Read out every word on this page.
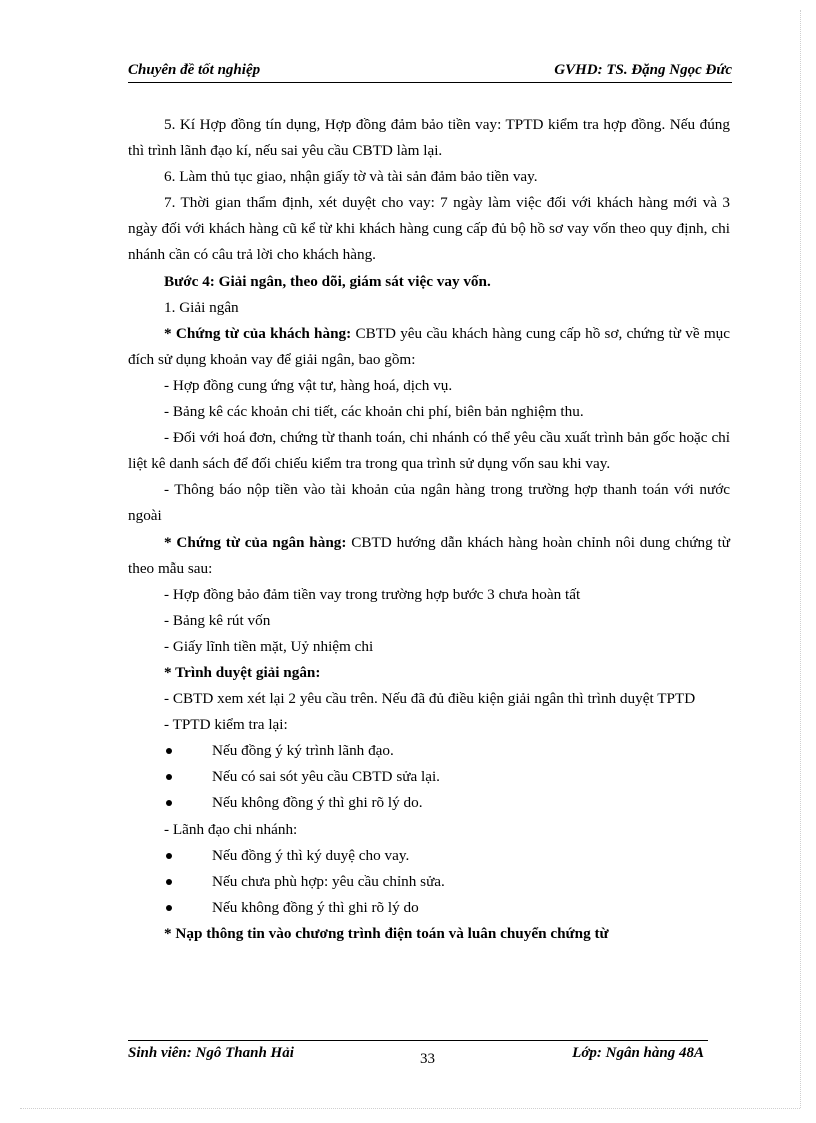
Chuyên đề tốt nghiệp	GVHD: TS. Đặng Ngọc Đức

5. Kí Hợp đồng tín dụng, Hợp đồng đảm bảo tiền vay: TPTD kiểm tra hợp đồng. Nếu đúng thì trình lãnh đạo kí, nếu sai yêu cầu CBTD làm lại.

6. Làm thủ tục giao, nhận giấy tờ và tài sản đảm bảo tiền vay.

7. Thời gian thẩm định, xét duyệt cho vay: 7 ngày làm việc đối với khách hàng mới và 3 ngày đối với khách hàng cũ kể từ khi khách hàng cung cấp đủ bộ hồ sơ vay vốn theo quy định, chi nhánh cần có câu trả lời cho khách hàng.

Bước 4: Giải ngân, theo dõi, giám sát việc vay vốn.

1. Giải ngân

* Chứng từ của khách hàng: CBTD yêu cầu khách hàng cung cấp hồ sơ, chứng từ về mục đích sử dụng khoản vay để giải ngân, bao gồm:

- Hợp đồng cung ứng vật tư, hàng hoá, dịch vụ.

- Bảng kê các khoản chi tiết, các khoản chi phí, biên bản nghiệm thu.

- Đối với hoá đơn, chứng từ thanh toán, chi nhánh có thể yêu cầu xuất trình bản gốc hoặc chỉ liệt kê danh sách để đối chiếu kiểm tra trong qua trình sử dụng vốn sau khi vay.

- Thông báo nộp tiền vào tài khoản của ngân hàng trong trường hợp thanh toán với nước ngoài

* Chứng từ của ngân hàng: CBTD hướng dẫn khách hàng hoàn chỉnh nôi dung chứng từ theo mẫu sau:

- Hợp đồng bảo đảm tiền vay trong trường hợp bước 3 chưa hoàn tất

- Bảng kê rút vốn

- Giấy lĩnh tiền mặt, Uỷ nhiệm chi

* Trình duyệt giải ngân:

- CBTD xem xét lại 2 yêu cầu trên. Nếu đã đủ điều kiện giải ngân thì trình duyệt TPTD

- TPTD kiểm tra lại:

Nếu đồng ý ký trình lãnh đạo.

Nếu có sai sót yêu cầu CBTD sửa lại.

Nếu không đồng ý thì ghi rõ lý do.

- Lãnh đạo chi nhánh:

Nếu đồng ý thì ký duyệ cho vay.

Nếu chưa phù hợp: yêu cầu chỉnh sửa.

Nếu không đồng ý thì ghi rõ lý do

* Nạp thông tin vào chương trình điện toán và luân chuyển chứng từ

Sinh viên: Ngô Thanh Hải	33	Lớp: Ngân hàng 48A
